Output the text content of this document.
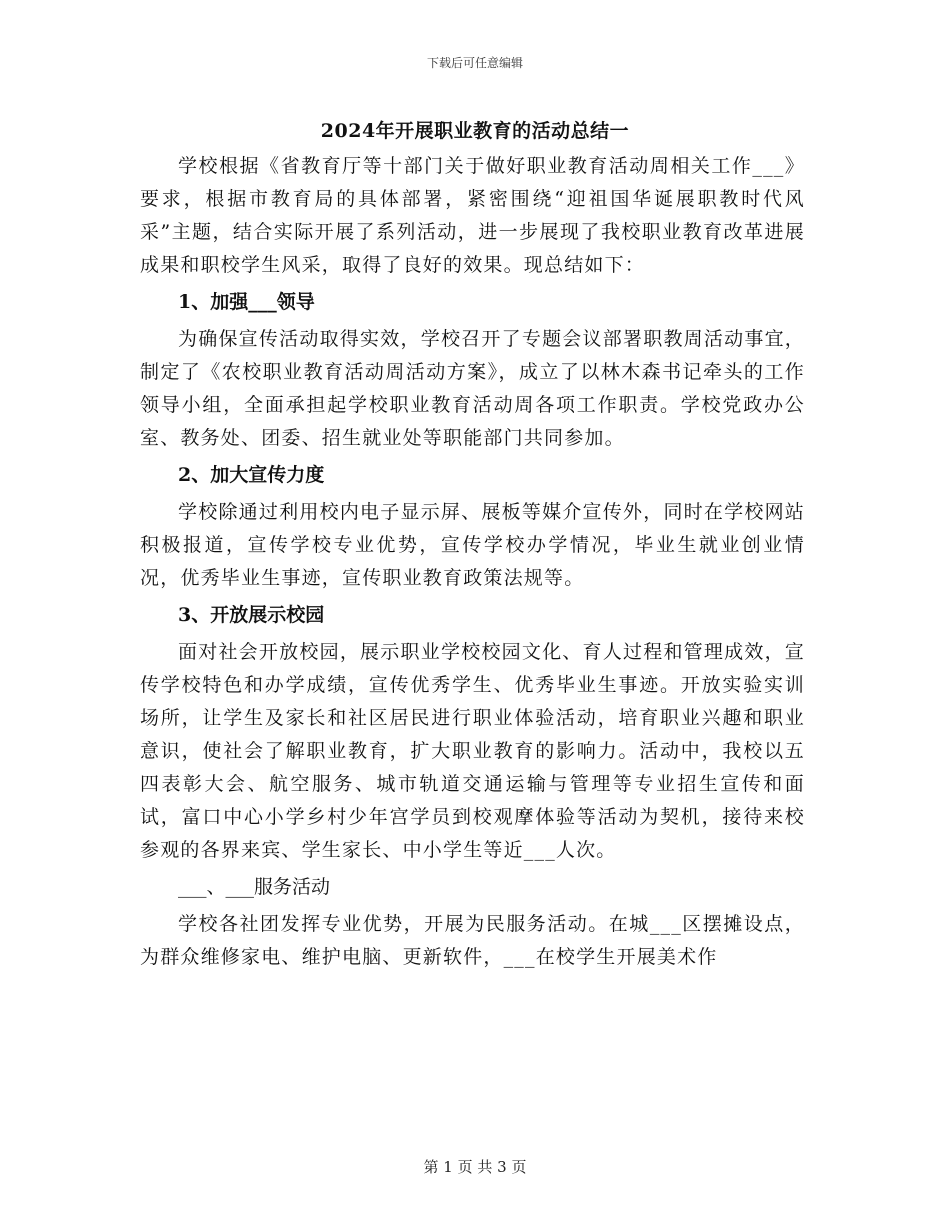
下载后可任意编辑
2024年开展职业教育的活动总结一

学校根据《省教育厅等十部门关于做好职业教育活动周相关工作___》要求，根据市教育局的具体部署，紧密围绕“迎祖国华诞展职教时代风采”主题，结合实际开展了系列活动，进一步展现了我校职业教育改革进展成果和职校学生风采，取得了良好的效果。现总结如下：

1、加强___领导

为确保宣传活动取得实效，学校召开了专题会议部署职教周活动事宜，制定了《农校职业教育活动周活动方案》，成立了以林木森书记牵头的工作领导小组，全面承担起学校职业教育活动周各项工作职责。学校党政办公室、教务处、团委、招生就业处等职能部门共同参加。

2、加大宣传力度

学校除通过利用校内电子显示屏、展板等媒介宣传外，同时在学校网站积极报道，宣传学校专业优势，宣传学校办学情况，毕业生就业创业情况，优秀毕业生事迹，宣传职业教育政策法规等。

3、开放展示校园

面对社会开放校园，展示职业学校校园文化、育人过程和管理成效，宣传学校特色和办学成绩，宣传优秀学生、优秀毕业生事迹。开放实验实训场所，让学生及家长和社区居民进行职业体验活动，培育职业兴趣和职业意识，使社会了解职业教育，扩大职业教育的影响力。活动中，我校以五四表彰大会、航空服务、城市轨道交通运输与管理等专业招生宣传和面试，富口中心小学乡村少年宫学员到校观摩体验等活动为契机，接待来校参观的各界来宾、学生家长、中小学生等近___人次。

___、___服务活动

学校各社团发挥专业优势，开展为民服务活动。在城___区摆摊设点，为群众维修家电、维护电脑、更新软件，___在校学生开展美术作

第 1 页 共 3 页
